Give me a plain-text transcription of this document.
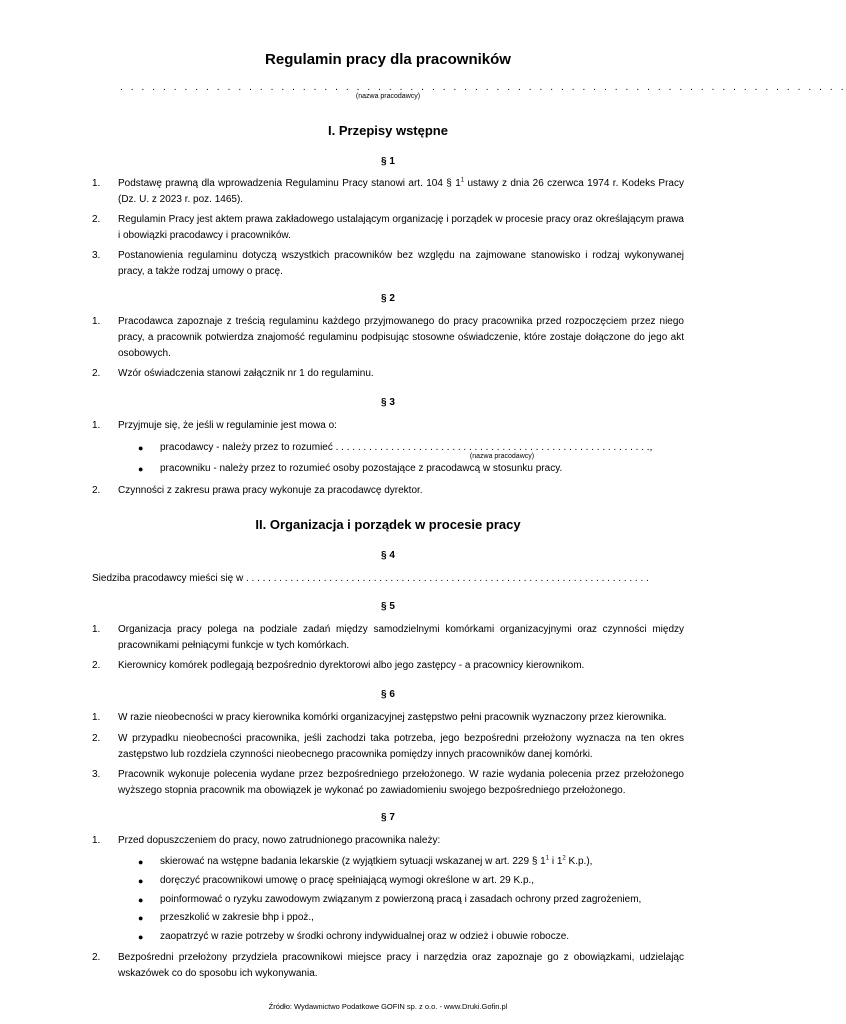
Regulamin pracy dla pracowników
. . . . . . . . . . . . . . . . . . . . . . . . . . . . . . . . . . . . . . . . . . . . . . . . . . . . . . . . . . . . . . . . . . . .
(nazwa pracodawcy)
I. Przepisy wstępne
§ 1
1.	Podstawę prawną dla wprowadzenia Regulaminu Pracy stanowi art. 104 § $1^1$ ustawy z dnia 26 czerwca 1974 r. Kodeks Pracy (Dz. U. z 2023 r. poz. 1465).
2.	Regulamin Pracy jest aktem prawa zakładowego ustalającym organizację i porządek w procesie pracy oraz określającym prawa i obowiązki pracodawcy i pracowników.
3.	Postanowienia regulaminu dotyczą wszystkich pracowników bez względu na zajmowane stanowisko i rodzaj wykonywanej pracy, a także rodzaj umowy o pracę.
§ 2
1.	Pracodawca zapoznaje z treścią regulaminu każdego przyjmowanego do pracy pracownika przed rozpoczęciem przez niego pracy, a pracownik potwierdza znajomość regulaminu podpisując stosowne oświadczenie, które zostaje dołączone do jego akt osobowych.
2.	Wzór oświadczenia stanowi załącznik nr 1 do regulaminu.
§ 3
1.	Przyjmuje się, że jeśli w regulaminie jest mowa o:
● pracodawcy - należy przez to rozumieć . . . . . . . . . . . . . . . . . . . . . . . . . . . . . . . . . . . . . . . . . . . . . . . . . . . . . . . . .,
(nazwa pracodawcy)
● pracowniku - należy przez to rozumieć osoby pozostające z pracodawcą w stosunku pracy.
2.	Czynności z zakresu prawa pracy wykonuje za pracodawcę dyrektor.
II. Organizacja i porządek w procesie pracy
§ 4
Siedziba pracodawcy mieści się w . . . . . . . . . . . . . . . . . . . . . . . . . . . . . . . . . . . . . . . . . . . . . . . . . . . . . . . . . . . . . . . . . . . . . . . . .
§ 5
1.	Organizacja pracy polega na podziale zadań między samodzielnymi komórkami organizacyjnymi oraz czynności między pracownikami pełniącymi funkcje w tych komórkach.
2.	Kierownicy komórek podlegają bezpośrednio dyrektorowi albo jego zastępcy - a pracownicy kierownikom.
§ 6
1.	W razie nieobecności w pracy kierownika komórki organizacyjnej zastępstwo pełni pracownik wyznaczony przez kierownika.
2.	W przypadku nieobecności pracownika, jeśli zachodzi taka potrzeba, jego bezpośredni przełożony wyznacza na ten okres zastępstwo lub rozdziela czynności nieobecnego pracownika pomiędzy innych pracowników danej komórki.
3.	Pracownik wykonuje polecenia wydane przez bezpośredniego przełożonego. W razie wydania polecenia przez przełożonego wyższego stopnia pracownik ma obowiązek je wykonać po zawiadomieniu swojego bezpośredniego przełożonego.
§ 7
1.	Przed dopuszczeniem do pracy, nowo zatrudnionego pracownika należy:
● skierować na wstępne badania lekarskie (z wyjątkiem sytuacji wskazanej w art. 229 § $1^1$ i $1^2$ K.p.),
● doręczyć pracownikowi umowę o pracę spełniającą wymogi określone w art. 29 K.p.,
● poinformować o ryzyku zawodowym związanym z powierzoną pracą i zasadach ochrony przed zagrożeniem,
● przeszkolić w zakresie bhp i ppoż.,
● zaopatrzyć w razie potrzeby w środki ochrony indywidualnej oraz w odzież i obuwie robocze.
2.	Bezpośredni przełożony przydziela pracownikowi miejsce pracy i narzędzia oraz zapoznaje go z obowiązkami, udzielając wskazówek co do sposobu ich wykonywania.
Źródło: Wydawnictwo Podatkowe GOFIN sp. z o.o. - www.Druki.Gofin.pl
